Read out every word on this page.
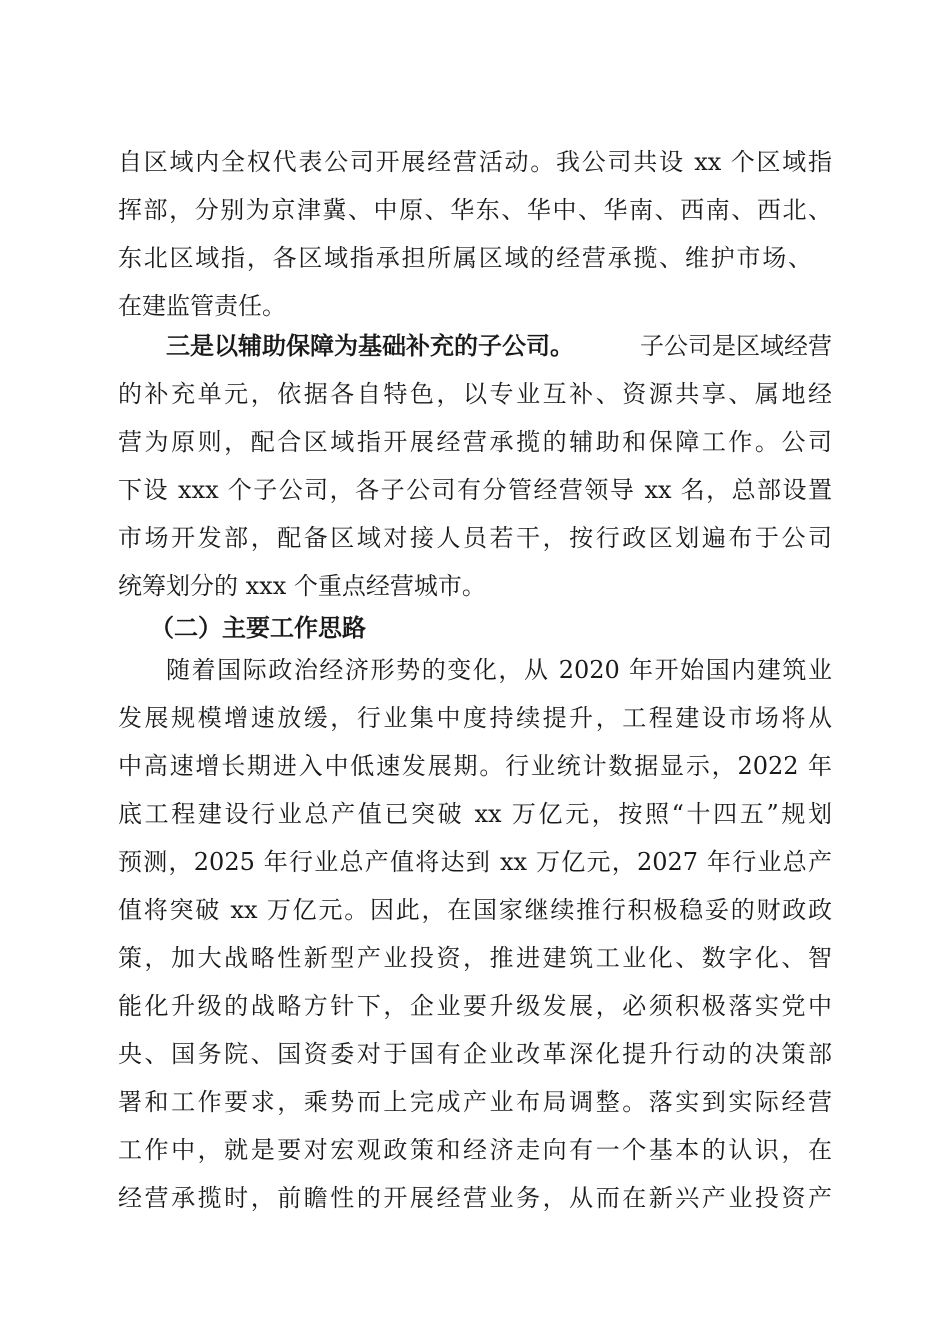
自区域内全权代表公司开展经营活动。我公司共设 xx 个区域指
挥部，分别为京津冀、中原、华东、华中、华南、西南、西北、
东北区域指，各区域指承担所属区域的经营承揽、维护市场、
在建监管责任。
三是以辅助保障为基础补充的子公司。	子公司是区域经营
的补充单元，依据各自特色，以专业互补、资源共享、属地经
营为原则，配合区域指开展经营承揽的辅助和保障工作。公司
下设 xxx 个子公司，各子公司有分管经营领导 xx 名，总部设置
市场开发部，配备区域对接人员若干，按行政区划遍布于公司
统筹划分的 xxx 个重点经营城市。
（二）主要工作思路
随着国际政治经济形势的变化，从 2020 年开始国内建筑业
发展规模增速放缓，行业集中度持续提升，工程建设市场将从
中高速增长期进入中低速发展期。行业统计数据显示，2022 年
底工程建设行业总产值已突破 xx 万亿元，按照“十四五”规划
预测，2025 年行业总产值将达到 xx 万亿元，2027 年行业总产
值将突破 xx 万亿元。因此，在国家继续推行积极稳妥的财政政
策，加大战略性新型产业投资，推进建筑工业化、数字化、智
能化升级的战略方针下，企业要升级发展，必须积极落实党中
央、国务院、国资委对于国有企业改革深化提升行动的决策部
署和工作要求，乘势而上完成产业布局调整。落实到实际经营
工作中，就是要对宏观政策和经济走向有一个基本的认识，在
经营承揽时，前瞻性的开展经营业务，从而在新兴产业投资产
